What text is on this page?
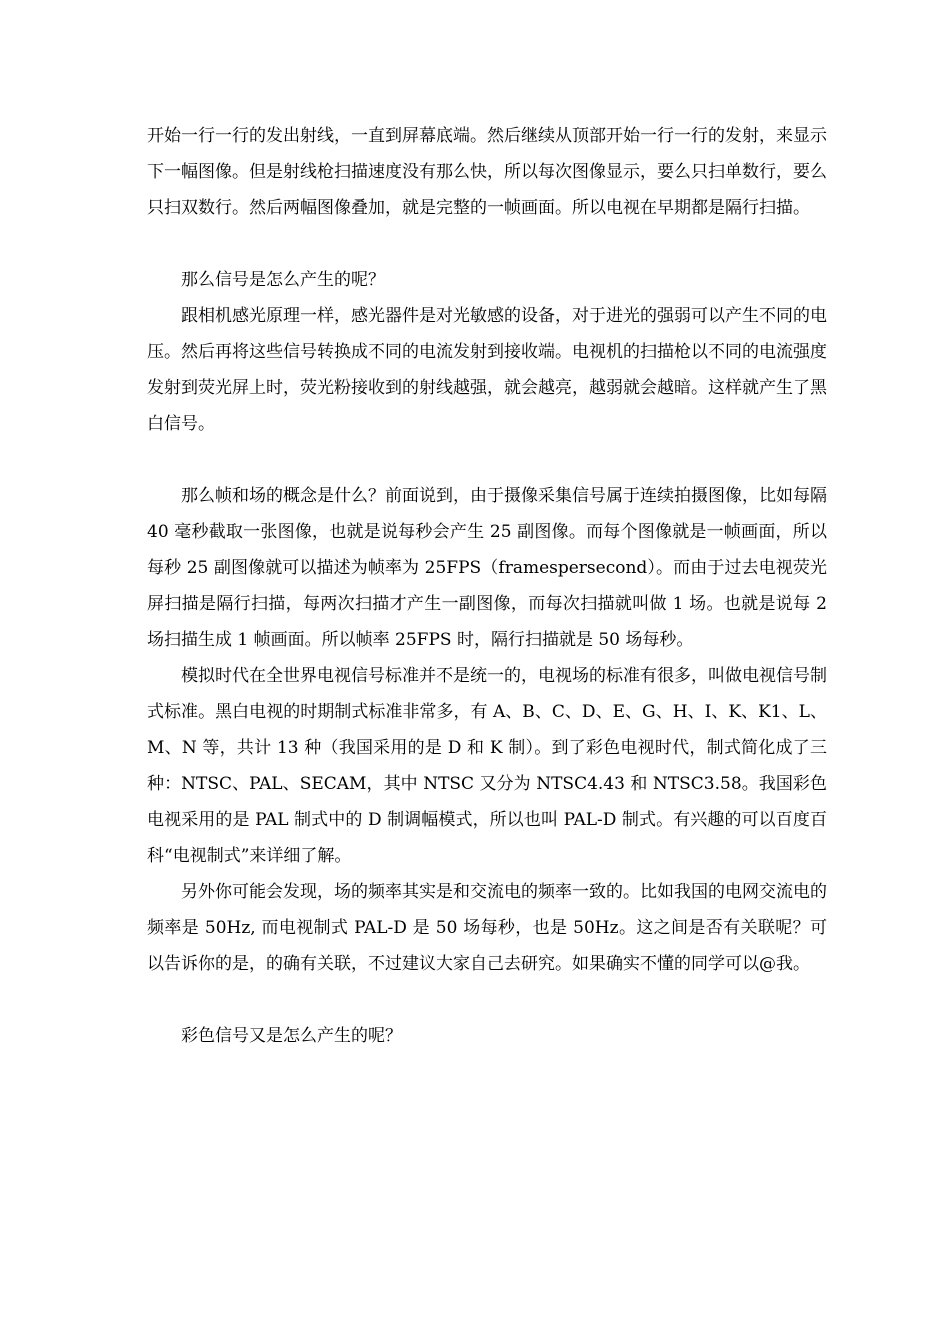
开始一行一行的发出射线，一直到屏幕底端。然后继续从顶部开始一行一行的发射，来显示下一幅图像。但是射线枪扫描速度没有那么快，所以每次图像显示，要么只扫单数行，要么只扫双数行。然后两幅图像叠加，就是完整的一帧画面。所以电视在早期都是隔行扫描。

那么信号是怎么产生的呢？

跟相机感光原理一样，感光器件是对光敏感的设备，对于进光的强弱可以产生不同的电压。然后再将这些信号转换成不同的电流发射到接收端。电视机的扫描枪以不同的电流强度发射到荧光屏上时，荧光粉接收到的射线越强，就会越亮，越弱就会越暗。这样就产生了黑白信号。

那么帧和场的概念是什么？前面说到，由于摄像采集信号属于连续拍摄图像，比如每隔 40 毫秒截取一张图像，也就是说每秒会产生 25 副图像。而每个图像就是一帧画面，所以每秒 25 副图像就可以描述为帧率为 25FPS（framespersecond）。而由于过去电视荧光屏扫描是隔行扫描，每两次扫描才产生一副图像，而每次扫描就叫做 1 场。也就是说每 2 场扫描生成 1 帧画面。所以帧率 25FPS 时，隔行扫描就是 50 场每秒。

模拟时代在全世界电视信号标准并不是统一的，电视场的标准有很多，叫做电视信号制式标准。黑白电视的时期制式标准非常多，有 A、B、C、D、E、G、H、I、K、K1、L、M、N 等，共计 13 种（我国采用的是 D 和 K 制）。到了彩色电视时代，制式简化成了三种：NTSC、PAL、SECAM，其中 NTSC 又分为 NTSC4.43 和 NTSC3.58。我国彩色电视采用的是 PAL 制式中的 D 制调幅模式，所以也叫 PAL-D 制式。有兴趣的可以百度百科“电视制式”来详细了解。

另外你可能会发现，场的频率其实是和交流电的频率一致的。比如我国的电网交流电的频率是 50Hz, 而电视制式 PAL-D 是 50 场每秒，也是 50Hz。这之间是否有关联呢？可以告诉你的是，的确有关联，不过建议大家自己去研究。如果确实不懂的同学可以@我。

彩色信号又是怎么产生的呢？
